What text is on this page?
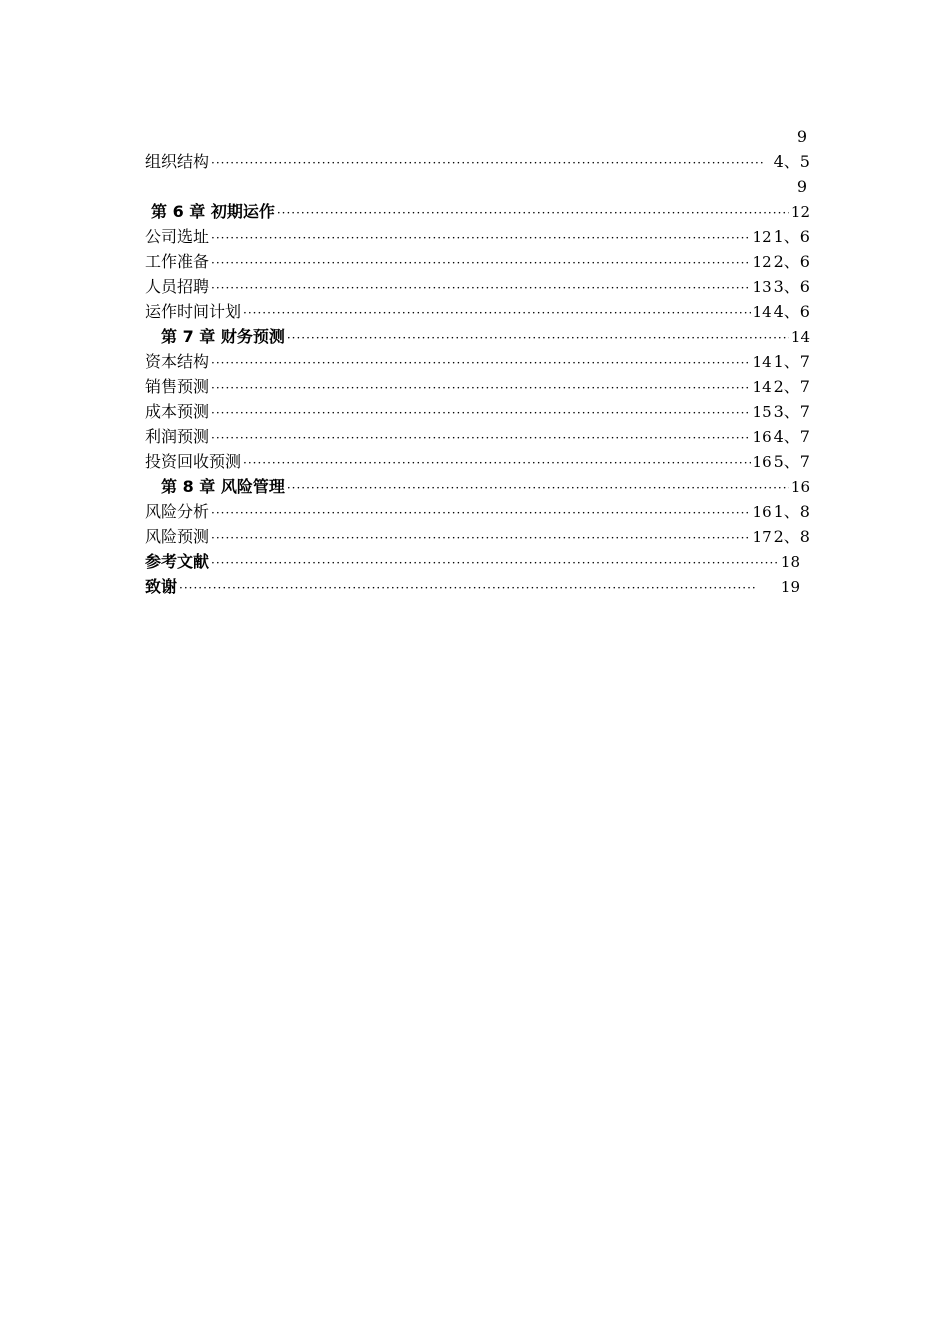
9
组织结构 ·····	4、5
9
第 6 章 初期运作 ·····	12
公司选址 ·····	12 1、6
工作准备 ·····	12 2、6
人员招聘 ·····	13 3、6
运作时间计划 ·····	14 4、6
第 7 章 财务预测 ·····	14
资本结构 ·····	14 1、7
销售预测 ·····	14 2、7
成本预测 ·····	15 3、7
利润预测 ·····	16 4、7
投资回收预测 ·····	16 5、7
第 8 章 风险管理 ·····	16
风险分析 ·····	16 1、8
风险预测 ·····	17 2、8
参考文献 ·····	18
致谢 ·····	19
